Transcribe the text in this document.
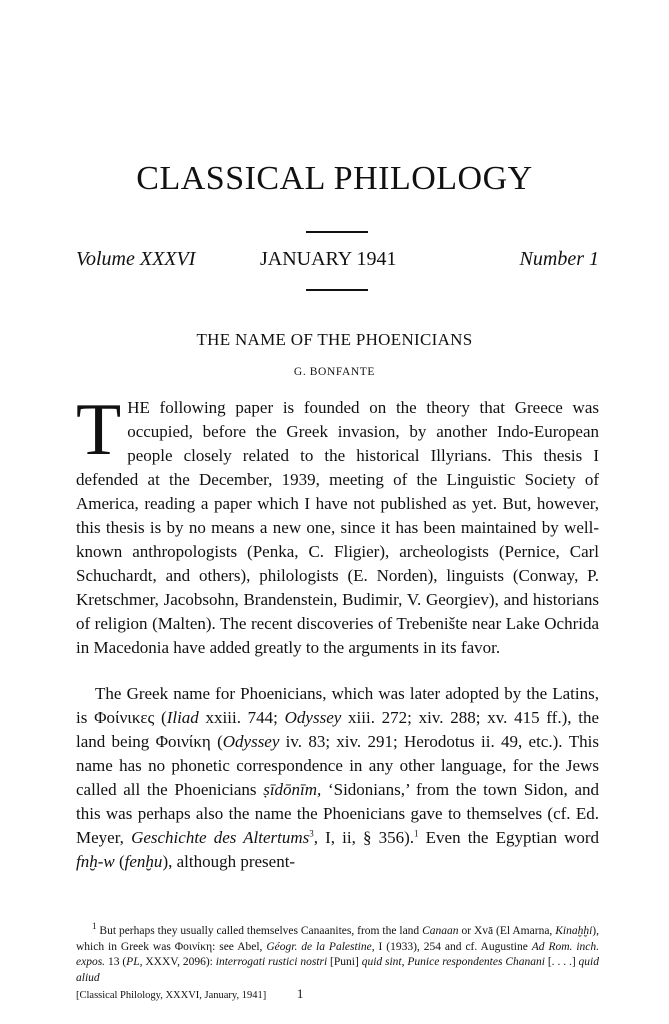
CLASSICAL PHILOLOGY
Volume XXXVI	JANUARY 1941	Number 1
THE NAME OF THE PHOENICIANS
G. BONFANTE
THE following paper is founded on the theory that Greece was occupied, before the Greek invasion, by another Indo-European people closely related to the historical Illyrians. This thesis I defended at the December, 1939, meeting of the Linguistic Society of America, reading a paper which I have not published as yet. But, however, this thesis is by no means a new one, since it has been maintained by well-known anthropologists (Penka, C. Fligier), archeologists (Pernice, Carl Schuchardt, and others), philologists (E. Norden), linguists (Conway, P. Kretschmer, Jacobsohn, Brandenstein, Budimir, V. Georgiev), and historians of religion (Malten). The recent discoveries of Trebenište near Lake Ochrida in Macedonia have added greatly to the arguments in its favor.
The Greek name for Phoenicians, which was later adopted by the Latins, is Φοίνικες (Iliad xxiii. 744; Odyssey xiii. 272; xiv. 288; xv. 415 ff.), the land being Φοινίκη (Odyssey iv. 83; xiv. 291; Herodotus ii. 49, etc.). This name has no phonetic correspondence in any other language, for the Jews called all the Phoenicians ṣīdōnīm, ‘Sidonians,’ from the town Sidon, and this was perhaps also the name the Phoenicians gave to themselves (cf. Ed. Meyer, Geschichte des Altertums$^3$, I, ii, § 356).$^1$ Even the Egyptian word fnḫ-w (fenḫu), although present-
$^1$ But perhaps they usually called themselves Canaanites, from the land Canaan or Xvā (El Amarna, Kinaḫḫi), which in Greek was Φοινίκη: see Abel, Géogr. de la Palestine, I (1933), 254 and cf. Augustine Ad Rom. inch. expos. 13 (PL, XXXV, 2096): interrogati rustici nostri [Puni] quid sint, Punice respondentes Chanani [. . . .] quid aliud
[Classical Philology, XXXVI, January, 1941] 1
